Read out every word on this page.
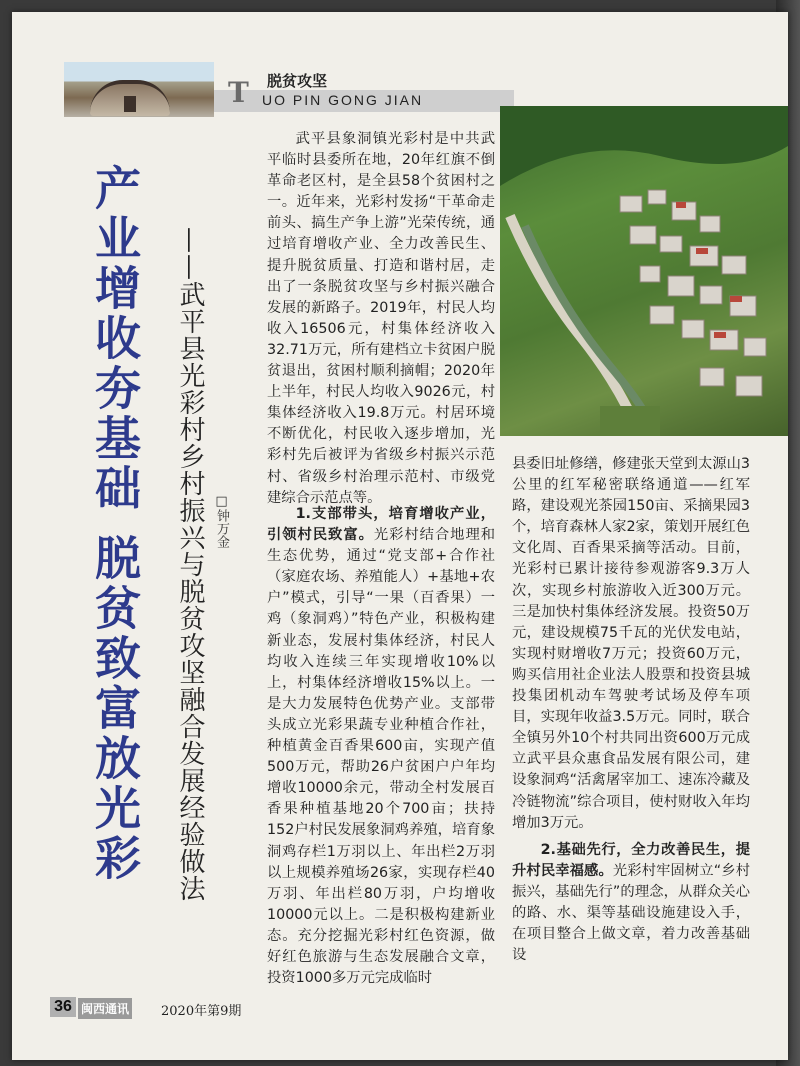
T 脱贫攻坚
UO PIN GONG JIAN
产业增收夯基础
脱贫致富放光彩 ——武平县光彩村乡村振兴与脱贫攻坚融合发展经验做法 □钟万金

武平县象洞镇光彩村是中共武平临时县委所在地，20年红旗不倒革命老区村，是全县58个贫困村之一。近年来，光彩村发扬“干革命走前头、搞生产争上游”光荣传统，通过培育增收产业、全力改善民生、提升脱贫质量、打造和谐村居，走出了一条脱贫攻坚与乡村振兴融合发展的新路子。2019年，村民人均收入16506元，村集体经济收入32.71万元，所有建档立卡贫困户脱贫退出，贫困村顺利摘帽；2020年上半年，村民人均收入9026元，村集体经济收入19.8万元。村居环境不断优化，村民收入逐步增加，光彩村先后被评为省级乡村振兴示范村、省级乡村治理示范村、市级党建综合示范点等。

1.支部带头，培育增收产业，引领村民致富。光彩村结合地理和生态优势，通过“党支部+合作社（家庭农场、养殖能人）+基地+农户”模式，引导“一果（百香果）一鸡（象洞鸡）”特色产业，积极构建新业态，发展村集体经济，村民人均收入连续三年实现增收10%以上，村集体经济增收15%以上。一是大力发展特色优势产业。支部带头成立光彩果蔬专业种植合作社，种植黄金百香果600亩，实现产值500万元，帮助26户贫困户户年均增收10000余元，带动全村发展百香果种植基地20个700亩；扶持152户村民发展象洞鸡养殖，培育象洞鸡存栏1万羽以上、年出栏2万羽以上规模养殖场26家，实现存栏40万羽、年出栏80万羽，户均增收10000元以上。二是积极构建新业态。充分挖掘光彩村红色资源，做好红色旅游与生态发展融合文章，投资1000多万元完成临时

县委旧址修缮，修建张天堂到太源山3公里的红军秘密联络通道——红军路，建设观光茶园150亩、采摘果园3个，培育森林人家2家，策划开展红色文化周、百香果采摘等活动。目前，光彩村已累计接待参观游客9.3万人次，实现乡村旅游收入近300万元。三是加快村集体经济发展。投资50万元，建设规模75千瓦的光伏发电站，实现村财增收7万元；投资60万元，购买信用社企业法人股票和投资县城投集团机动车驾驶考试场及停车项目，实现年收益3.5万元。同时，联合全镇另外10个村共同出资600万元成立武平县众惠食品发展有限公司，建设象洞鸡“活禽屠宰加工、速冻冷藏及冷链物流”综合项目，使村财收入年均增加3万元。

2.基础先行，全力改善民生，提升村民幸福感。光彩村牢固树立“乡村振兴，基础先行”的理念，从群众关心的路、水、渠等基础设施建设入手，在项目整合上做文章，着力改善基础设

36 闽西通讯 2020年第9期
